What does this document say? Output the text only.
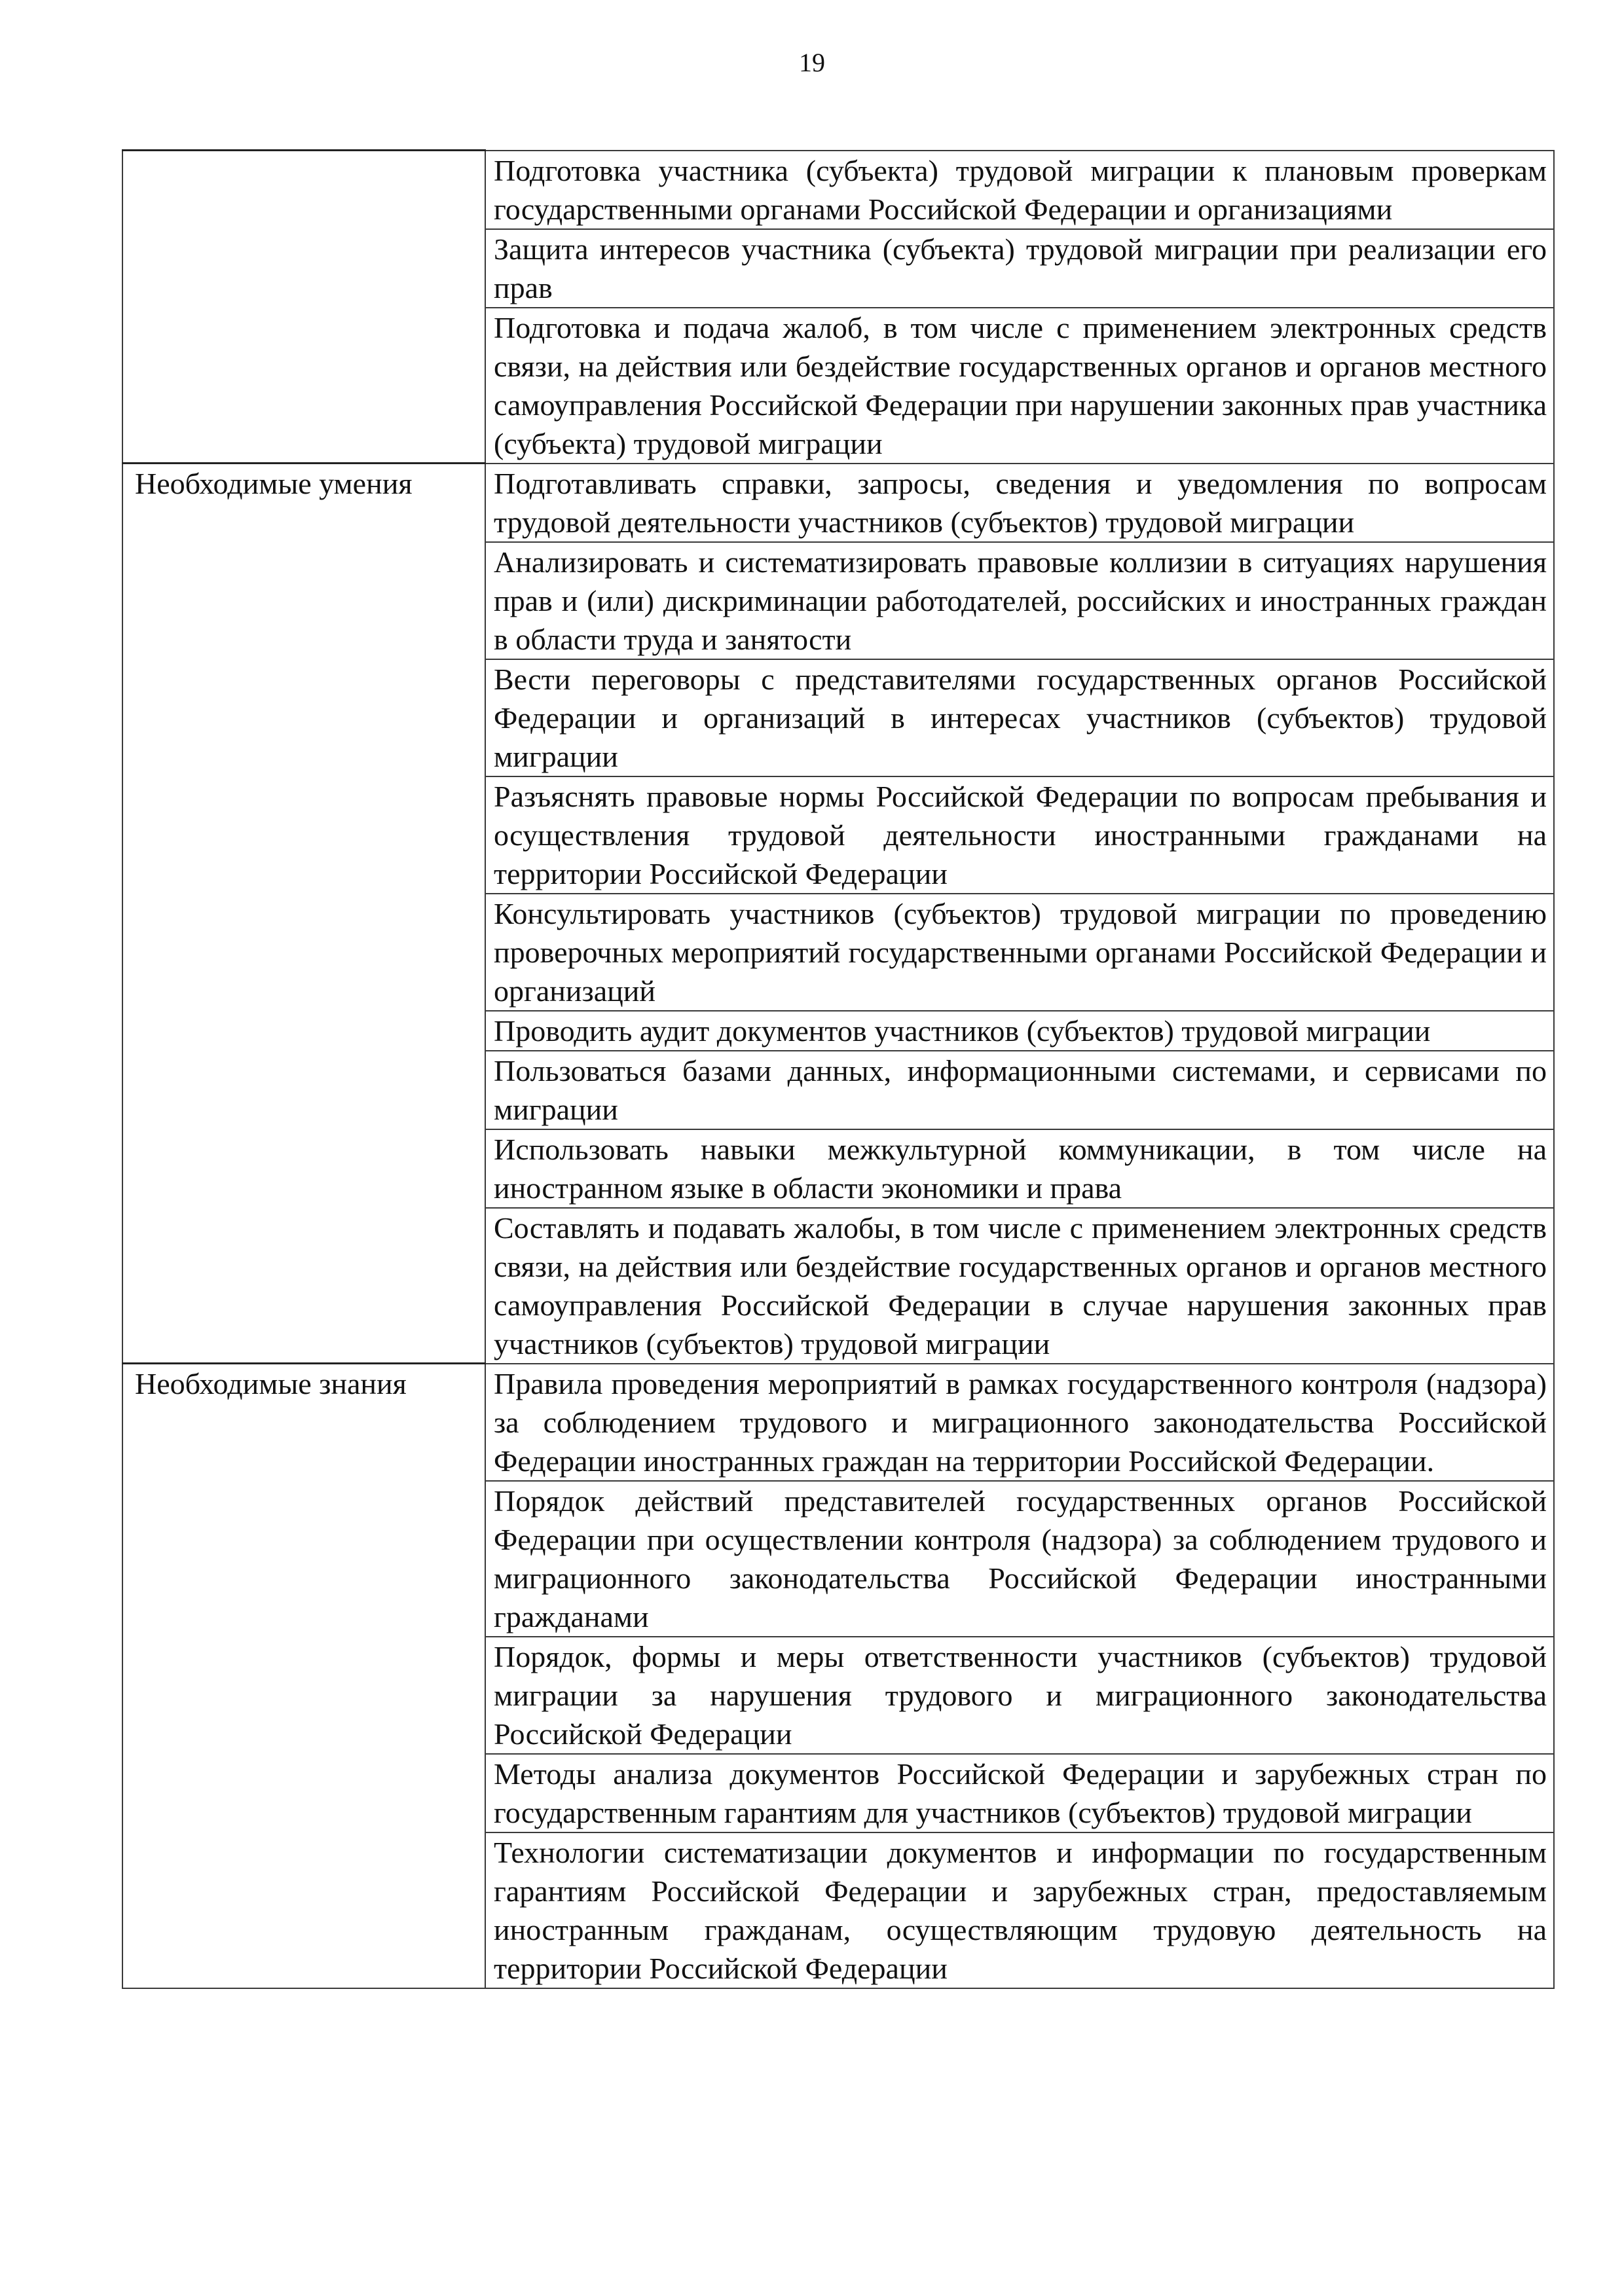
19
	Подготовка участника (субъекта) трудовой миграции к плановым проверкам государственными органами Российской Федерации и организациями
	Защита интересов участника (субъекта) трудовой миграции при реализации его прав
	Подготовка и подача жалоб, в том числе с применением электронных средств связи, на действия или бездействие государственных органов и органов местного самоуправления Российской Федерации при нарушении законных прав участника (субъекта) трудовой миграции
Необходимые умения	Подготавливать справки, запросы, сведения и уведомления по вопросам трудовой деятельности участников (субъектов) трудовой миграции
	Анализировать и систематизировать правовые коллизии в ситуациях нарушения прав и (или) дискриминации работодателей, российских и иностранных граждан в области труда и занятости
	Вести переговоры с представителями государственных органов Российской Федерации и организаций в интересах участников (субъектов) трудовой миграции
	Разъяснять правовые нормы Российской Федерации по вопросам пребывания и осуществления трудовой деятельности иностранными гражданами на территории Российской Федерации
	Консультировать участников (субъектов) трудовой миграции по проведению проверочных мероприятий государственными органами Российской Федерации и организаций
	Проводить аудит документов участников (субъектов) трудовой миграции
	Пользоваться базами данных, информационными системами, и сервисами по миграции
	Использовать навыки межкультурной коммуникации, в том числе на иностранном языке в области экономики и права
	Составлять и подавать жалобы, в том числе с применением электронных средств связи, на действия или бездействие государственных органов и органов местного самоуправления Российской Федерации в случае нарушения законных прав участников (субъектов) трудовой миграции
Необходимые знания	Правила проведения мероприятий в рамках государственного контроля (надзора) за соблюдением трудового и миграционного законодательства Российской Федерации иностранных граждан на территории Российской Федерации.
	Порядок действий представителей государственных органов Российской Федерации при осуществлении контроля (надзора) за соблюдением трудового и миграционного законодательства Российской Федерации иностранными гражданами
	Порядок, формы и меры ответственности участников (субъектов) трудовой миграции за нарушения трудового и миграционного законодательства Российской Федерации
	Методы анализа документов Российской Федерации и зарубежных стран по государственным гарантиям для участников (субъектов) трудовой миграции
	Технологии систематизации документов и информации по государственным гарантиям Российской Федерации и зарубежных стран, предоставляемым иностранным гражданам, осуществляющим трудовую деятельность на территории Российской Федерации
